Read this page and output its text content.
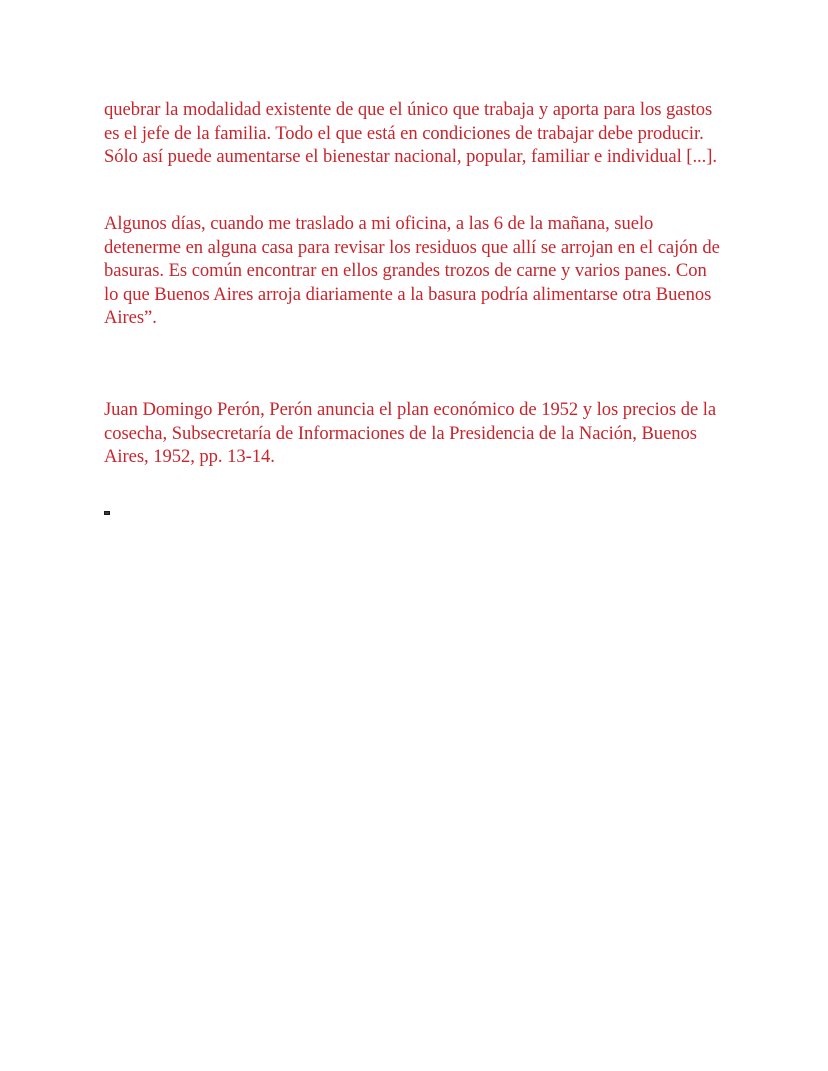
quebrar la modalidad existente de que el único que trabaja y aporta para los gastos es el jefe de la familia. Todo el que está en condiciones de trabajar debe producir. Sólo así puede aumentarse el bienestar nacional, popular, familiar e individual [...].

Algunos días, cuando me traslado a mi oficina, a las 6 de la mañana, suelo detenerme en alguna casa para revisar los residuos que allí se arrojan en el cajón de basuras. Es común encontrar en ellos grandes trozos de carne y varios panes. Con lo que Buenos Aires arroja diariamente a la basura podría alimentarse otra Buenos Aires”.

Juan Domingo Perón, Perón anuncia el plan económico de 1952 y los precios de la cosecha, Subsecretaría de Informaciones de la Presidencia de la Nación, Buenos Aires, 1952, pp. 13-14.
